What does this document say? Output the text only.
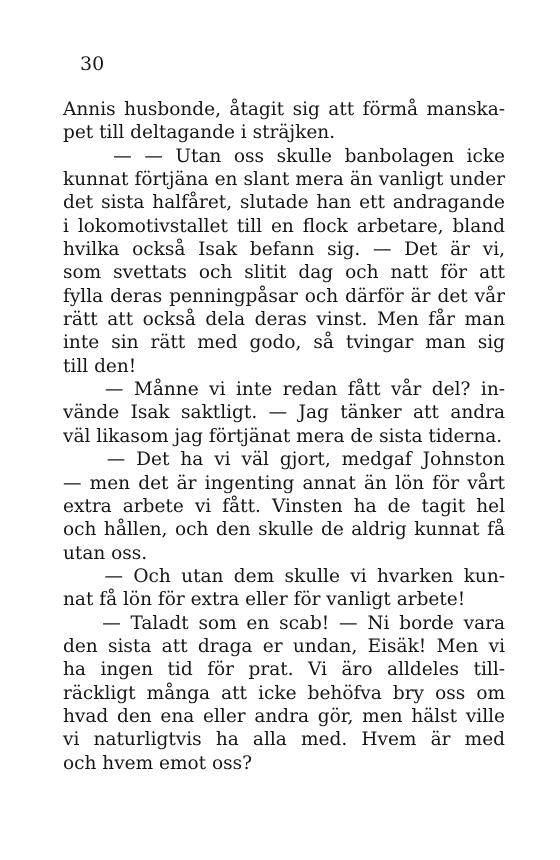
30
Annis husbonde, åtagit sig att förmå manska-
pet till deltagande i sträjken.
— — Utan oss skulle banbolagen icke
kunnat förtjäna en slant mera än vanligt under
det sista halfåret, slutade han ett andragande
i lokomotivstallet till en flock arbetare, bland
hvilka också Isak befann sig. — Det är vi,
som svettats och slitit dag och natt för att
fylla deras penningpåsar och därför är det vår
rätt att också dela deras vinst. Men får man
inte sin rätt med godo, så tvingar man sig
till den!
— Månne vi inte redan fått vår del? in-
vände Isak saktligt. — Jag tänker att andra
väl likasom jag förtjänat mera de sista tiderna.
— Det ha vi väl gjort, medgaf Johnston
— men det är ingenting annat än lön för vårt
extra arbete vi fått. Vinsten ha de tagit hel
och hållen, och den skulle de aldrig kunnat få
utan oss.
— Och utan dem skulle vi hvarken kun-
nat få lön för extra eller för vanligt arbete!
— Taladt som en scab! — Ni borde vara
den sista att draga er undan, Eisäk! Men vi
ha ingen tid för prat. Vi äro alldeles till-
räckligt många att icke behöfva bry oss om
hvad den ena eller andra gör, men hälst ville
vi naturligtvis ha alla med. Hvem är med
och hvem emot oss?
